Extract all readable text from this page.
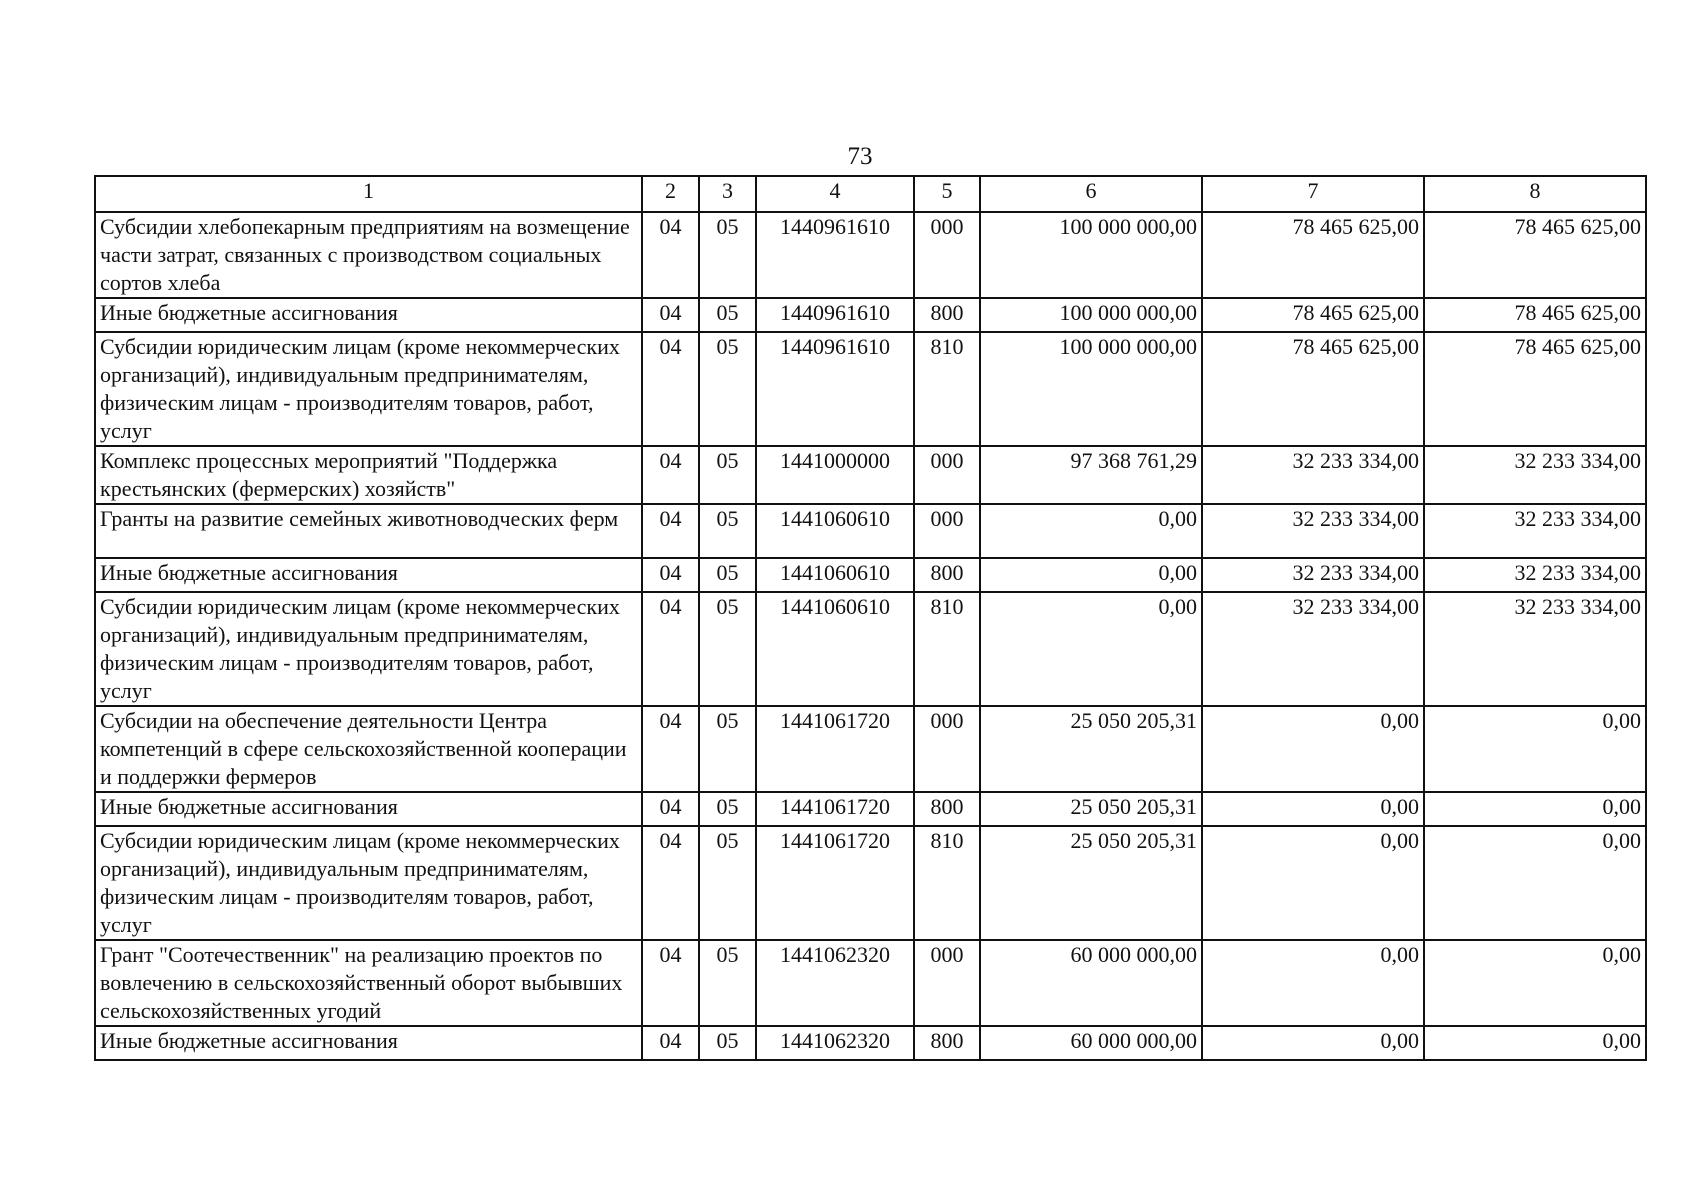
73
1	2	3	4	5	6	7	8
Субсидии хлебопекарным предприятиям на возмещение части затрат, связанных с производством социальных сортов хлеба	04	05	1440961610	000	100 000 000,00	78 465 625,00	78 465 625,00
Иные бюджетные ассигнования	04	05	1440961610	800	100 000 000,00	78 465 625,00	78 465 625,00
Субсидии юридическим лицам (кроме некоммерческих организаций), индивидуальным предпринимателям, физическим лицам - производителям товаров, работ, услуг	04	05	1440961610	810	100 000 000,00	78 465 625,00	78 465 625,00
Комплекс процессных мероприятий "Поддержка крестьянских (фермерских) хозяйств"	04	05	1441000000	000	97 368 761,29	32 233 334,00	32 233 334,00
Гранты на развитие семейных животноводческих ферм	04	05	1441060610	000	0,00	32 233 334,00	32 233 334,00
Иные бюджетные ассигнования	04	05	1441060610	800	0,00	32 233 334,00	32 233 334,00
Субсидии юридическим лицам (кроме некоммерческих организаций), индивидуальным предпринимателям, физическим лицам - производителям товаров, работ, услуг	04	05	1441060610	810	0,00	32 233 334,00	32 233 334,00
Субсидии на обеспечение деятельности Центра компетенций в сфере сельскохозяйственной кооперации и поддержки фермеров	04	05	1441061720	000	25 050 205,31	0,00	0,00
Иные бюджетные ассигнования	04	05	1441061720	800	25 050 205,31	0,00	0,00
Субсидии юридическим лицам (кроме некоммерческих организаций), индивидуальным предпринимателям, физическим лицам - производителям товаров, работ, услуг	04	05	1441061720	810	25 050 205,31	0,00	0,00
Грант "Соотечественник" на реализацию проектов по вовлечению в сельскохозяйственный оборот выбывших сельскохозяйственных угодий	04	05	1441062320	000	60 000 000,00	0,00	0,00
Иные бюджетные ассигнования	04	05	1441062320	800	60 000 000,00	0,00	0,00
